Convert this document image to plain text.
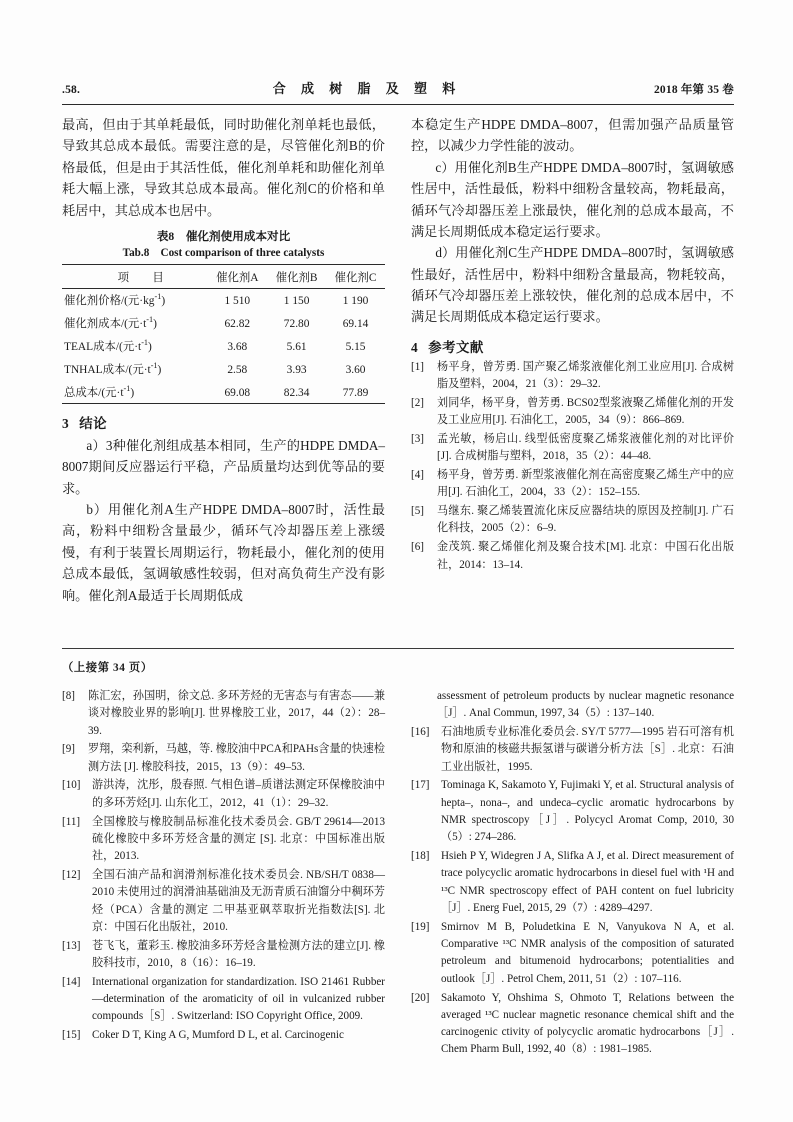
.58.	合 成 树 脂 及 塑 料	2018 年第 35 卷

最高，但由于其单耗最低，同时助催化剂单耗也最低，导致其总成本最低。需要注意的是，尽管催化剂B的价格最低，但是由于其活性低，催化剂单耗和助催化剂单耗大幅上涨，导致其总成本最高。催化剂C的价格和单耗居中，其总成本也居中。

表8　催化剂使用成本对比
Tab.8　Cost comparison of three catalysts
项　目	催化剂A	催化剂B	催化剂C
催化剂价格/(元$\cdot kg^{-1}$)	1 510	1 150	1 190
催化剂成本/(元$\cdot t^{-1}$)	62.82	72.80	69.14
TEAL成本/(元$\cdot t^{-1}$)	3.68	5.61	5.15
TNHAL成本/(元$\cdot t^{-1}$)	2.58	3.93	3.60
总成本/(元$\cdot t^{-1}$)	69.08	82.34	77.89
3 结论

a）3种催化剂组成基本相同，生产的HDPE DMDA–8007期间反应器运行平稳，产品质量均达到优等品的要求。

b）用催化剂A生产HDPE DMDA–8007时，活性最高，粉料中细粉含量最少，循环气冷却器压差上涨缓慢，有利于装置长周期运行，物耗最小，催化剂的使用总成本最低，氢调敏感性较弱，但对高负荷生产没有影响。催化剂A最适于长周期低成

本稳定生产HDPE DMDA–8007，但需加强产品质量管控，以减少力学性能的波动。

c）用催化剂B生产HDPE DMDA–8007时，氢调敏感性居中，活性最低，粉料中细粉含量较高，物耗最高，循环气冷却器压差上涨最快，催化剂的总成本最高，不满足长周期低成本稳定运行要求。

d）用催化剂C生产HDPE DMDA–8007时，氢调敏感性最好，活性居中，粉料中细粉含量最高，物耗较高，循环气冷却器压差上涨较快，催化剂的总成本居中，不满足长周期低成本稳定运行要求。

4 参考文献
[1]	杨平身，曾芳勇. 国产聚乙烯浆液催化剂工业应用[J]. 合成树脂及塑料，2004，21（3）：29–32.
[2]	刘同华，杨平身，曾芳勇. BCS02型浆液聚乙烯催化剂的开发及工业应用[J]. 石油化工，2005，34（9）：866–869.
[3]	孟光敏，杨启山. 线型低密度聚乙烯浆液催化剂的对比评价[J]. 合成树脂与塑料，2018，35（2）：44–48.
[4]	杨平身，曾芳勇. 新型浆液催化剂在高密度聚乙烯生产中的应用[J]. 石油化工，2004，33（2）：152–155.
[5]	马继东. 聚乙烯装置流化床反应器结块的原因及控制[J]. 广石化科技，2005（2）：6–9.
[6]	金茂筑. 聚乙烯催化剂及聚合技术[M]. 北京：中国石化出版社，2014：13–14.
（上接第 34 页）
[8]	陈汇宏，孙国明，徐文总. 多环芳烃的无害态与有害态——兼谈对橡胶业界的影响[J]. 世界橡胶工业，2017，44（2）：28–39.
[9]	罗翔，栾利新，马越，等. 橡胶油中PCA和PAHs含量的快速检测方法 [J]. 橡胶科技，2015，13（9）：49–53.
[10]	游洪涛，沈彤，殷春照. 气相色谱–质谱法测定环保橡胶油中的多环芳烃[J]. 山东化工，2012，41（1）：29–32.
[11]	全国橡胶与橡胶制品标准化技术委员会. GB/T 29614—2013 硫化橡胶中多环芳烃含量的测定 [S]. 北京：中国标准出版社，2013.
[12]	全国石油产品和润滑剂标准化技术委员会. NB/SH/T 0838—2010 未使用过的润滑油基础油及无沥青质石油馏分中稠环芳烃（PCA）含量的测定 二甲基亚砜萃取折光指数法[S]. 北京：中国石化出版社，2010.
[13]	苍飞飞，董彩玉. 橡胶油多环芳烃含量检测方法的建立[J]. 橡胶科技市，2010，8（16）：16–19.
[14]	International organization for standardization. ISO 21461 Rubber—determination of the aromaticity of oil in vulcanized rubber compounds［S］. Switzerland: ISO Copyright Office, 2009.
[15]	Coker D T, King A G, Mumford D L, et al. Carcinogenic
assessment of petroleum products by nuclear magnetic resonance［J］. Anal Commun, 1997, 34（5）: 137–140.
[16]	石油地质专业标准化委员会. SY/T 5777—1995 岩石可溶有机物和原油的核磁共振氢谱与碳谱分析方法［S］. 北京：石油工业出版社，1995.
[17]	Tominaga K, Sakamoto Y, Fujimaki Y, et al. Structural analysis of hepta–, nona–, and undeca–cyclic aromatic hydrocarbons by NMR spectroscopy［J］. Polycycl Aromat Comp, 2010, 30（5）: 274–286.
[18]	Hsieh P Y, Widegren J A, Slifka A J, et al. Direct measurement of trace polycyclic aromatic hydrocarbons in diesel fuel with ¹H and ¹³C NMR spectroscopy effect of PAH content on fuel lubricity［J］. Energ Fuel, 2015, 29（7）: 4289–4297.
[19]	Smirnov M B, Poludetkina E N, Vanyukova N A, et al. Comparative ¹³C NMR analysis of the composition of saturated petroleum and bitumenoid hydrocarbons; potentialities and outlook［J］. Petrol Chem, 2011, 51（2）: 107–116.
[20]	Sakamoto Y, Ohshima S, Ohmoto T, Relations between the averaged ¹³C nuclear magnetic resonance chemical shift and the carcinogenic ctivity of polycyclic aromatic hydrocarbons［J］. Chem Pharm Bull, 1992, 40（8）: 1981–1985.
